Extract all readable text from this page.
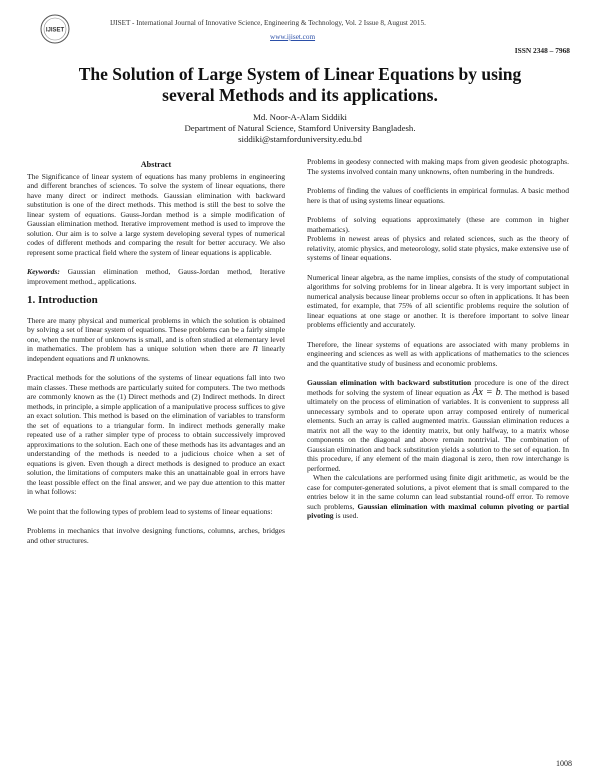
IJISET
IJISET - International Journal of Innovative Science, Engineering & Technology, Vol. 2 Issue 8, August 2015.
www.ijiset.com
ISSN 2348 – 7968
The Solution of Large System of Linear Equations by using
several Methods and its applications.
Md. Noor-A-Alam Siddiki
Department of Natural Science, Stamford University Bangladesh.
siddiki@stamforduniversity.edu.bd
Abstract

The Significance of linear system of equations has many problems in engineering and different branches of sciences. To solve the system of linear equations, there have many direct or indirect methods. Gaussian elimination with backward substitution is one of the direct methods. This method is still the best to solve the linear system of equations. Gauss-Jordan method is a simple modification of Gaussian elimination method. Iterative improvement method is used to improve the solution. Our aim is to solve a large system developing several types of numerical codes of different methods and comparing the result for better accuracy. We also represent some practical field where the system of linear equations is applicable.

Keywords: Gaussian elimination method, Gauss-Jordan method, Iterative improvement method., applications.

1. Introduction

There are many physical and numerical problems in which the solution is obtained by solving a set of linear system of equations. These problems can be a fairly simple one, when the number of unknowns is small, and is often studied at elementary level in mathematics. The problem has a unique solution when there are n linearly independent equations and n unknowns.

Practical methods for the solutions of the systems of linear equations fall into two main classes. These methods are particularly suited for computers. The two methods are commonly known as the (1) Direct methods and (2) Indirect methods. In direct methods, in principle, a simple application of a manipulative process suffices to give an exact solution. This method is based on the elimination of variables to transform the set of equations to a triangular form. In indirect methods generally make repeated use of a rather simpler type of process to obtain successively improved approximations to the solution. Each one of these methods has its advantages and an understanding of the methods is needed to a judicious choice when a set of equations is given. Even though a direct methods is designed to produce an exact solution, the limitations of computers make this an unattainable goal in errors have the least possible effect on the final answer, and we pay due attention to this matter in what follows:

We point that the following types of problem lead to systems of linear equations:

Problems in mechanics that involve designing functions, columns, arches, bridges and other structures.

Problems in geodesy connected with making maps from given geodesic photographs. The systems involved contain many unknowns, often numbering in the hundreds.

Problems of finding the values of coefficients in empirical formulas. A basic method here is that of using systems linear equations.

Problems of solving equations approximately (these are common in higher mathematics).
Problems in newest areas of physics and related sciences, such as the theory of relativity, atomic physics, and meteorology, solid state physics, make extensive use of systems of linear equations.

Numerical linear algebra, as the name implies, consists of the study of computational algorithms for solving problems for in linear algebra. It is very important subject in numerical analysis because linear problems occur so often in applications. It has been estimated, for example, that 75% of all scientific problems require the solution of linear equations at one stage or another. It is therefore important to solve linear problems efficiently and accurately.

Therefore, the linear systems of equations are associated with many problems in engineering and sciences as well as with applications of mathematics to the sciences and the quantitative study of business and economic problems.

Gaussian elimination with backward substitution procedure is one of the direct methods for solving the system of linear equation as Ax = b. The method is based ultimately on the process of elimination of variables. It is convenient to suppress all unnecessary symbols and to operate upon array composed entirely of numerical elements. Such an array is called augmented matrix. Gaussian elimination reduces a matrix not all the way to the identity matrix, but only halfway, to a matrix whose components on the diagonal and above remain nontrivial. The combination of Gaussian elimination and back substitution yields a solution to the set of equation. In this procedure, if any element of the main diagonal is zero, then row interchange is performed.

When the calculations are performed using finite digit arithmetic, as would be the case for computer-generated solutions, a pivot element that is small compared to the entries below it in the same column can lead substantial round-off error. To remove such problems, Gaussian elimination with maximal column pivoting or partial pivoting is used.

1008
